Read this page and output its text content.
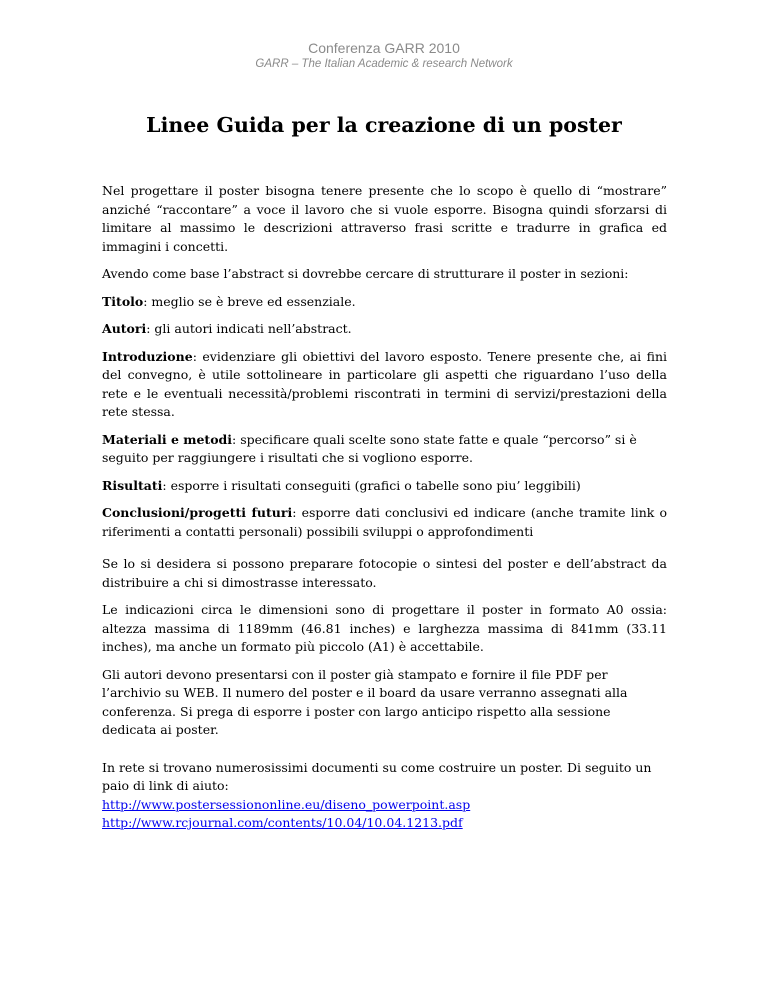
Conferenza GARR 2010
GARR – The Italian Academic & research Network
Linee Guida per la creazione di un poster

Nel progettare il poster bisogna tenere presente che lo scopo è quello di “mostrare” anziché “raccontare” a voce il lavoro che si vuole esporre. Bisogna quindi sforzarsi di limitare al massimo le descrizioni attraverso frasi scritte e tradurre in grafica ed immagini i concetti.

Avendo come base l’abstract si dovrebbe cercare di strutturare il poster in sezioni:

Titolo: meglio se è breve ed essenziale.

Autori: gli autori indicati nell’abstract.

Introduzione: evidenziare gli obiettivi del lavoro esposto. Tenere presente che, ai fini del convegno, è utile sottolineare in particolare gli aspetti che riguardano l’uso della rete e le eventuali necessità/problemi riscontrati in termini di servizi/prestazioni della rete stessa.

Materiali e metodi: specificare quali scelte sono state fatte e quale “percorso” si è seguito per raggiungere i risultati che si vogliono esporre.

Risultati: esporre i risultati conseguiti (grafici o tabelle sono piu’ leggibili)

Conclusioni/progetti futuri: esporre dati conclusivi ed indicare (anche tramite link o riferimenti a contatti personali) possibili sviluppi o approfondimenti

Se lo si desidera si possono preparare fotocopie o sintesi del poster e dell’abstract da distribuire a chi si dimostrasse interessato.

Le indicazioni circa le dimensioni sono di progettare il poster in formato A0 ossia: altezza massima di 1189mm (46.81 inches) e larghezza massima di 841mm (33.11 inches), ma anche un formato più piccolo (A1) è accettabile.

Gli autori devono presentarsi con il poster già stampato e fornire il file PDF per l’archivio su WEB. Il numero del poster e il board da usare verranno assegnati alla conferenza. Si prega di esporre i poster con largo anticipo rispetto alla sessione dedicata ai poster.

In rete si trovano numerosissimi documenti su come costruire un poster. Di seguito un paio di link di aiuto:
http://www.postersessiononline.eu/diseno_powerpoint.asp
http://www.rcjournal.com/contents/10.04/10.04.1213.pdf
